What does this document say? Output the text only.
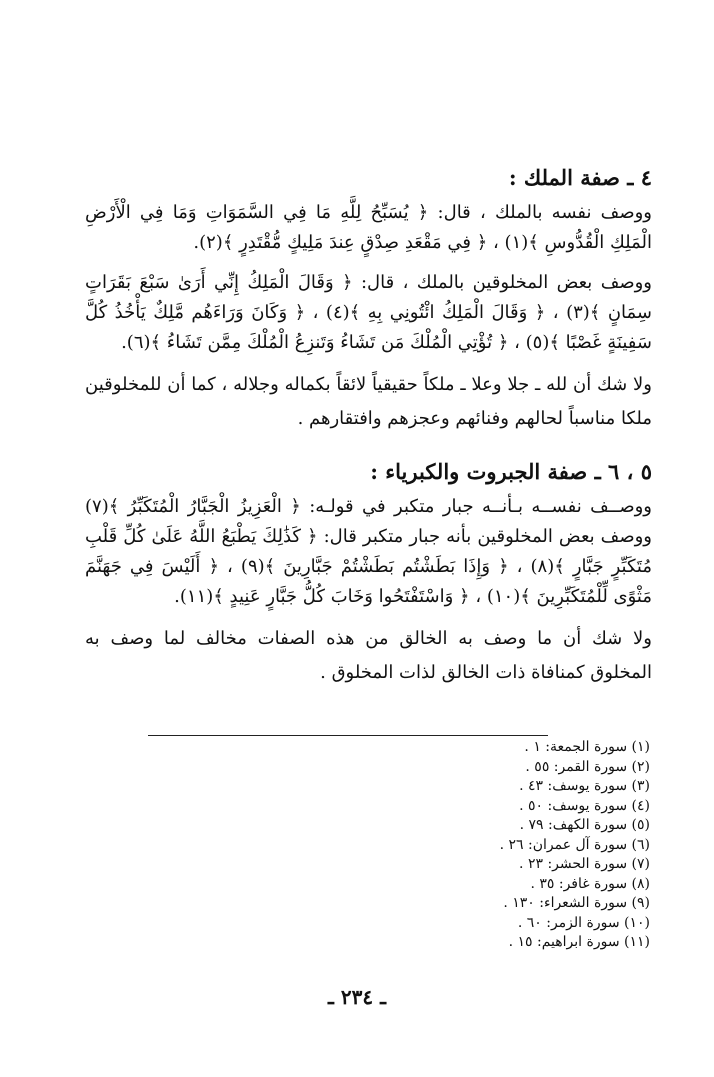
٤ ـ صفة الملك :

ووصف نفسه بالملك ، قال: ﴿ يُسَبِّحُ لِلَّهِ مَا فِي السَّمَوَاتِ وَمَا فِي الْأَرْضِ الْمَلِكِ الْقُدُّوسِ ﴾(١) ، ﴿ فِي مَقْعَدِ صِدْقٍ عِندَ مَلِيكٍ مُّقْتَدِرٍ ﴾(٢).

ووصف بعض المخلوقين بالملك ، قال: ﴿ وَقَالَ الْمَلِكُ إِنِّي أَرَىٰ سَبْعَ بَقَرَاتٍ سِمَانٍ ﴾(٣) ، ﴿ وَقَالَ الْمَلِكُ ائْتُونِي بِهِ ﴾(٤) ، ﴿ وَكَانَ وَرَاءَهُم مَّلِكٌ يَأْخُذُ كُلَّ سَفِينَةٍ غَصْبًا ﴾(٥) ، ﴿ تُؤْتِي الْمُلْكَ مَن تَشَاءُ وَتَنزِعُ الْمُلْكَ مِمَّن تَشَاءُ ﴾(٦).

ولا شك أن لله ـ جلا وعلا ـ ملكاً حقيقياً لائقاً بكماله وجلاله ، كما أن للمخلوقين ملكا مناسباً لحالهم وفنائهم وعجزهم وافتقارهم .

٥ ، ٦ ـ صفة الجبروت والكبرياء :

ووصــف نفســه بـأنــه جبار متكبر في قولـه: ﴿ الْعَزِيزُ الْجَبَّارُ الْمُتَكَبِّرُ ﴾(٧) ووصف بعض المخلوقين بأنه جبار متكبر قال: ﴿ كَذَٰلِكَ يَطْبَعُ اللَّهُ عَلَىٰ كُلِّ قَلْبِ مُتَكَبِّرٍ جَبَّارٍ ﴾(٨) ، ﴿ وَإِذَا بَطَشْتُم بَطَشْتُمْ جَبَّارِينَ ﴾(٩) ، ﴿ أَلَيْسَ فِي جَهَنَّمَ مَثْوًى لِّلْمُتَكَبِّرِينَ ﴾(١٠) ، ﴿ وَاسْتَفْتَحُوا وَخَابَ كُلُّ جَبَّارٍ عَنِيدٍ ﴾(١١).

ولا شك أن ما وصف به الخالق من هذه الصفات مخالف لما وصف به المخلوق كمنافاة ذات الخالق لذات المخلوق .

(١) سورة الجمعة: ١ .
(٢) سورة القمر: ٥٥ .
(٣) سورة يوسف: ٤٣ .
(٤) سورة يوسف: ٥٠ .
(٥) سورة الكهف: ٧٩ .
(٦) سورة آل عمران: ٢٦ .
(٧) سورة الحشر: ٢٣ .
(٨) سورة غافر: ٣٥ .
(٩) سورة الشعراء: ١٣٠ .
(١٠) سورة الزمر: ٦٠ .
(١١) سورة ابراهيم: ١٥ .
ـ ٢٣٤ ـ
